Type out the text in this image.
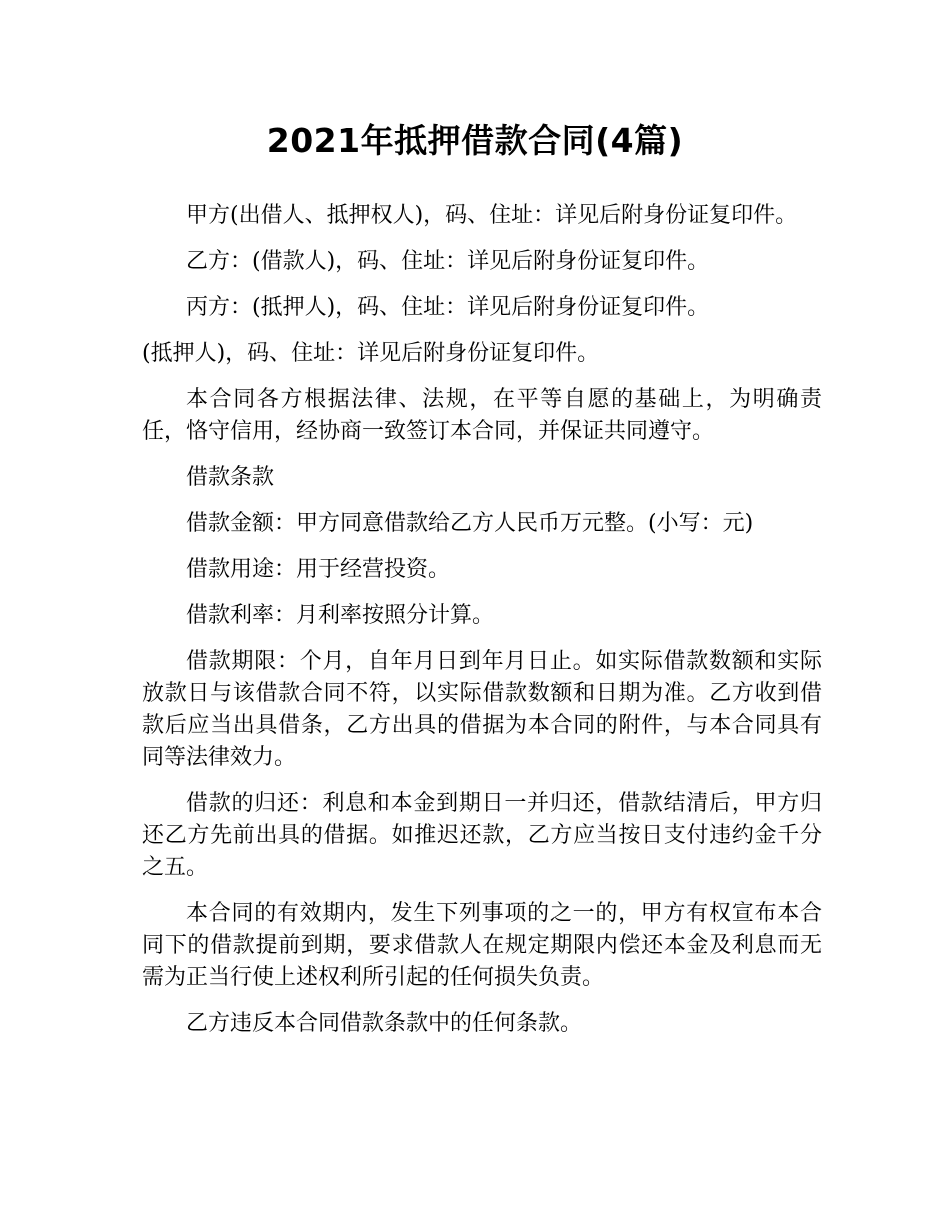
2021年抵押借款合同(4篇)

甲方(出借人、抵押权人)，码、住址：详见后附身份证复印件。

乙方：(借款人)，码、住址：详见后附身份证复印件。

丙方：(抵押人)，码、住址：详见后附身份证复印件。

(抵押人)，码、住址：详见后附身份证复印件。

本合同各方根据法律、法规，在平等自愿的基础上，为明确责任，恪守信用，经协商一致签订本合同，并保证共同遵守。

借款条款

借款金额：甲方同意借款给乙方人民币万元整。(小写：元)

借款用途：用于经营投资。

借款利率：月利率按照分计算。

借款期限：个月，自年月日到年月日止。如实际借款数额和实际放款日与该借款合同不符，以实际借款数额和日期为准。乙方收到借款后应当出具借条，乙方出具的借据为本合同的附件，与本合同具有同等法律效力。

借款的归还：利息和本金到期日一并归还，借款结清后，甲方归还乙方先前出具的借据。如推迟还款，乙方应当按日支付违约金千分之五。

本合同的有效期内，发生下列事项的之一的，甲方有权宣布本合同下的借款提前到期，要求借款人在规定期限内偿还本金及利息而无需为正当行使上述权利所引起的任何损失负责。

乙方违反本合同借款条款中的任何条款。
